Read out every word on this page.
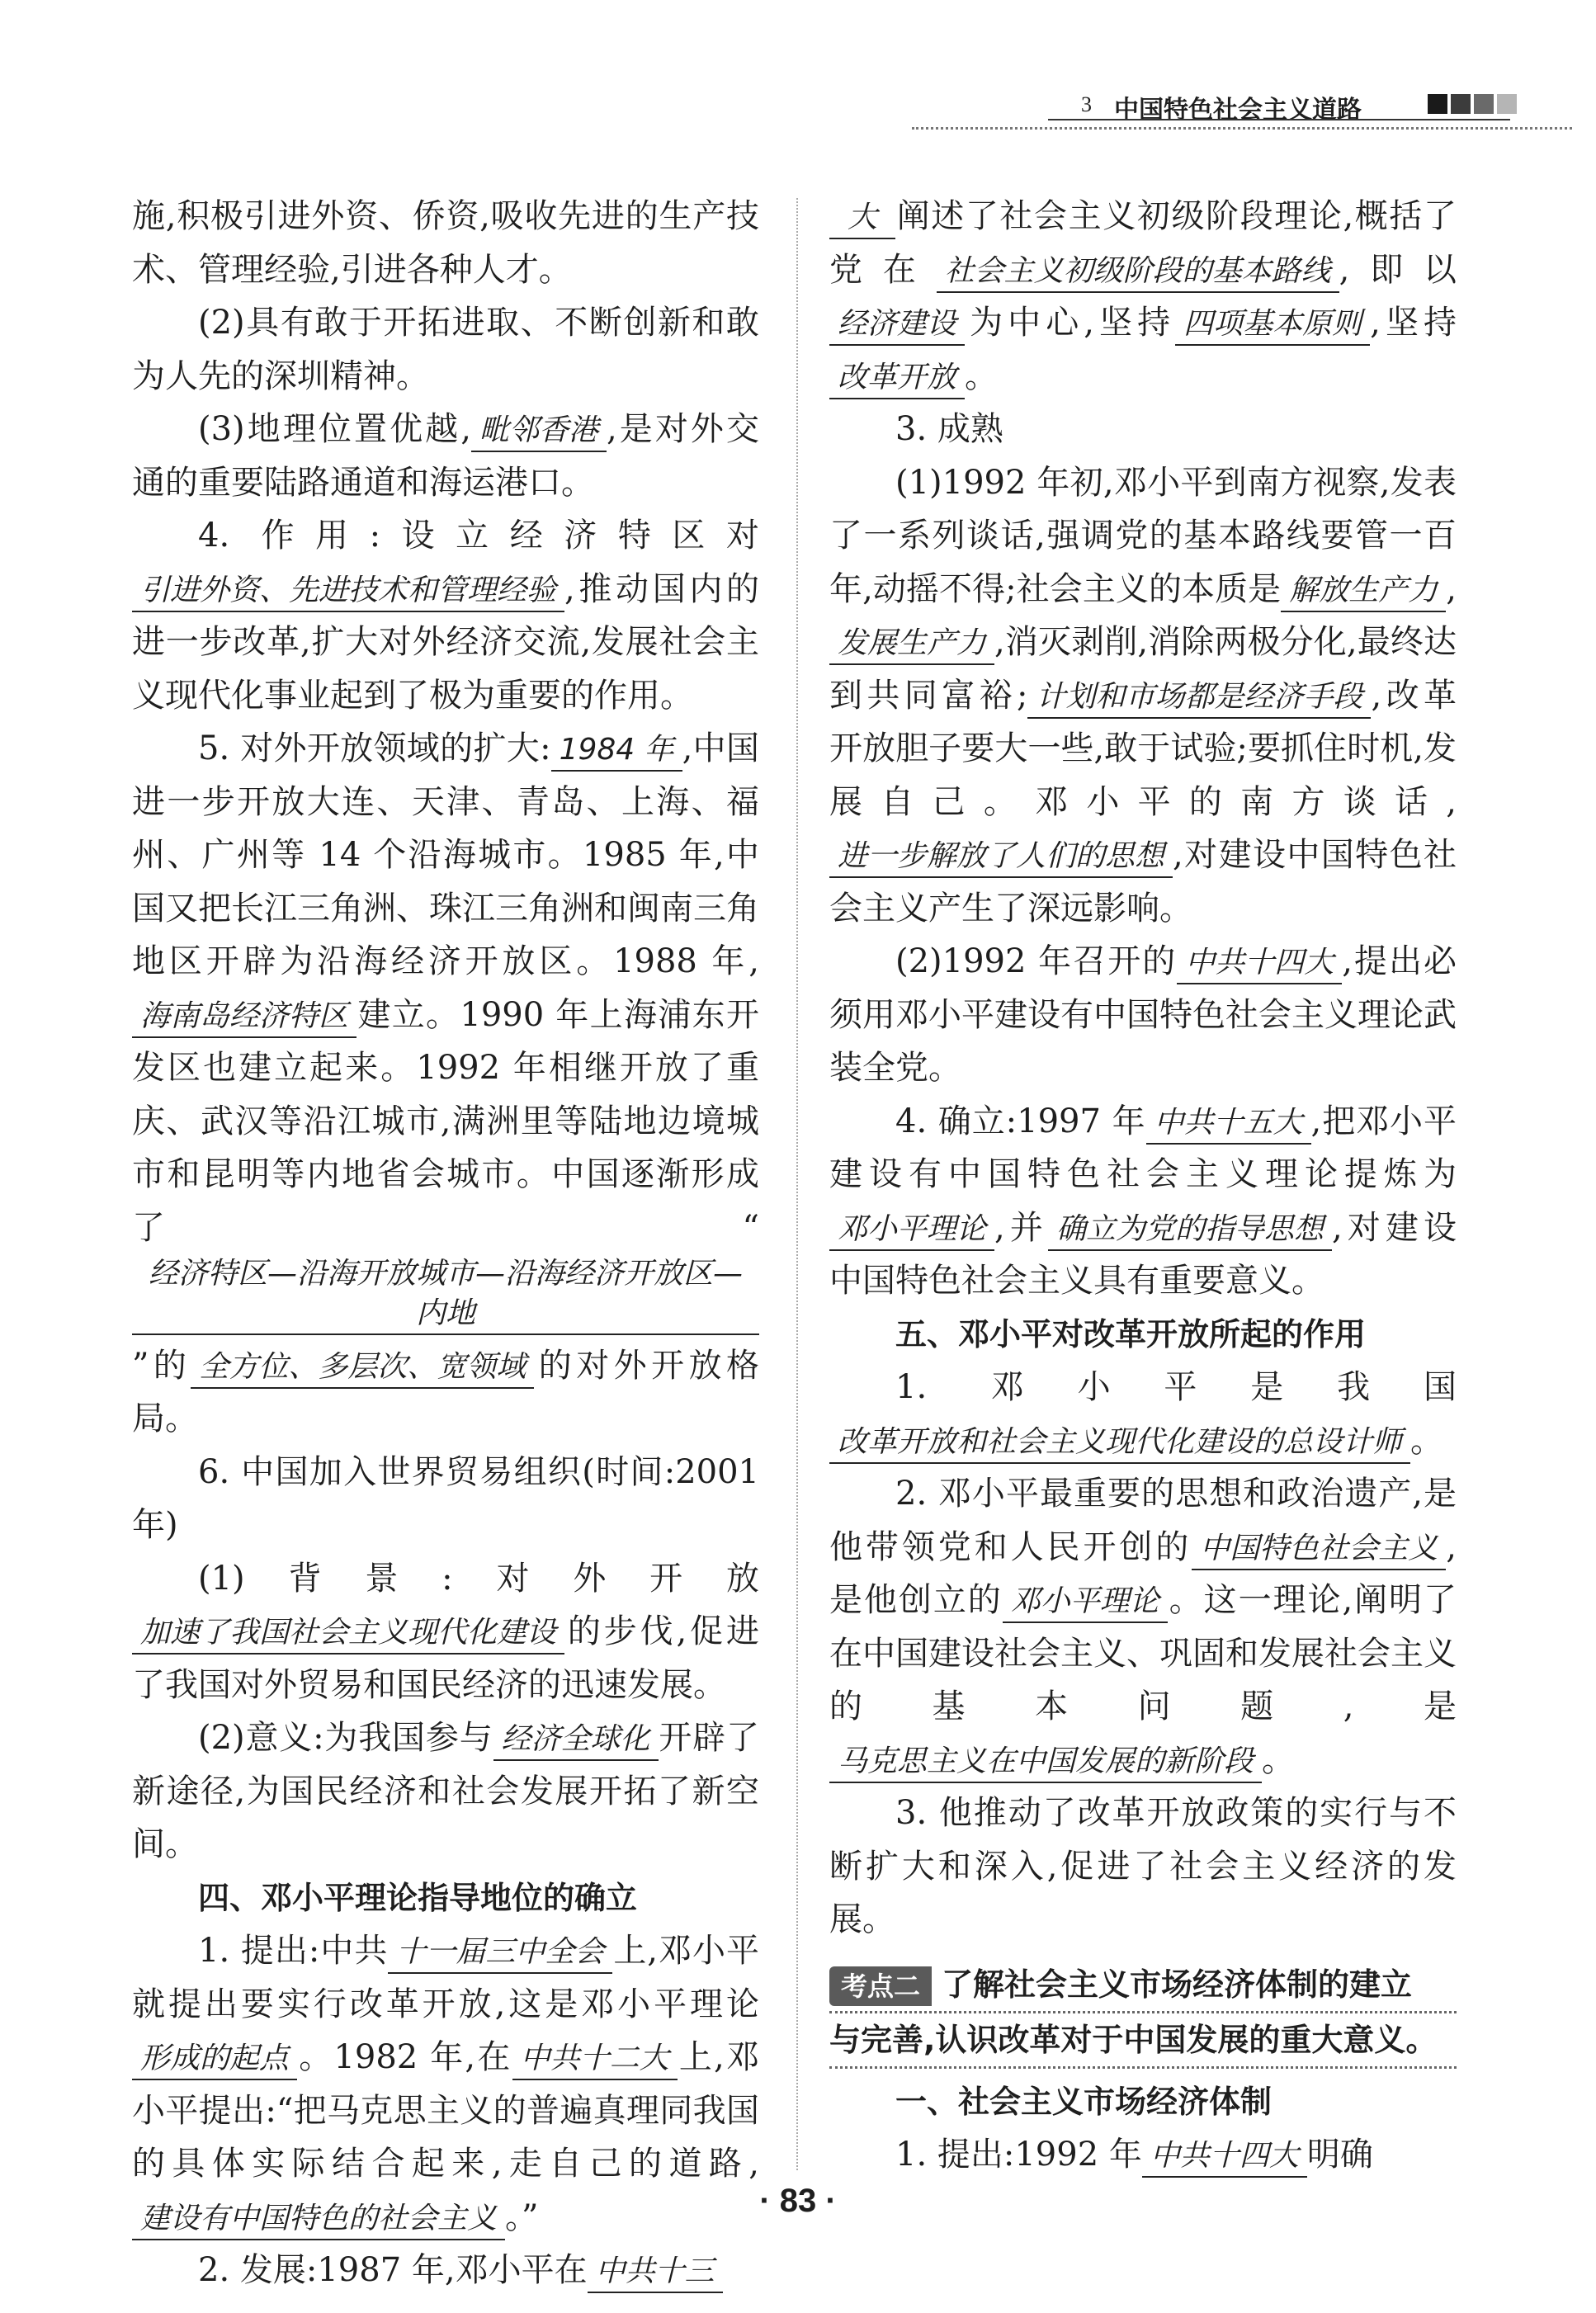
3 中国特色社会主义道路

施,积极引进外资、侨资,吸收先进的生产技术、管理经验,引进各种人才。

(2)具有敢于开拓进取、不断创新和敢为人先的深圳精神。

(3)地理位置优越, 毗邻香港 ,是对外交通的重要陆路通道和海运港口。

4. 作用:设立经济特区对引进外资、先进技术和管理经验 ,推动国内的进一步改革,扩大对外经济交流,发展社会主义现代化事业起到了极为重要的作用。

5. 对外开放领域的扩大: 1984 年 ,中国进一步开放大连、天津、青岛、上海、福州、广州等 14 个沿海城市。1985 年,中国又把长江三角洲、珠江三角洲和闽南三角地区开辟为沿海经济开放区。1988 年,海南岛经济特区 建立。1990 年上海浦东开发区也建立起来。1992 年相继开放了重庆、武汉等沿江城市,满洲里等陆地边境城市和昆明等内地省会城市。中国逐渐形成了“经济特区—沿海开放城市—沿海经济开放区—内地”的 全方位、多层次、宽领域 的对外开放格局。

6. 中国加入世界贸易组织(时间:2001 年)

(1)背景:对外开放加速了我国社会主义现代化建设 的步伐,促进了我国对外贸易和国民经济的迅速发展。

(2)意义:为我国参与 经济全球化 开辟了新途径,为国民经济和社会发展开拓了新空间。

四、邓小平理论指导地位的确立

1. 提出:中共 十一届三中全会 上,邓小平就提出要实行改革开放,这是邓小平理论形成的起点 。1982 年,在 中共十二大 上,邓小平提出:“把马克思主义的普遍真理同我国的具体实际结合起来,走自己的道路,建设有中国特色的社会主义 。”

2. 发展:1987 年,邓小平在 中共十三

大 阐述了社会主义初级阶段理论,概括了党在 社会主义初级阶段的基本路线 ,即以经济建设 为中心,坚持 四项基本原则 ,坚持改革开放 。

3. 成熟

(1)1992 年初,邓小平到南方视察,发表了一系列谈话,强调党的基本路线要管一百年,动摇不得;社会主义的本质是 解放生产力 ,发展生产力 ,消灭剥削,消除两极分化,最终达到共同富裕; 计划和市场都是经济手段 ,改革开放胆子要大一些,敢于试验;要抓住时机,发展自己。邓小平的南方谈话,进一步解放了人们的思想 ,对建设中国特色社会主义产生了深远影响。

(2)1992 年召开的 中共十四大 ,提出必须用邓小平建设有中国特色社会主义理论武装全党。

4. 确立:1997 年 中共十五大 ,把邓小平建设有中国特色社会主义理论提炼为邓小平理论 ,并 确立为党的指导思想 ,对建设中国特色社会主义具有重要意义。

五、邓小平对改革开放所起的作用

1. 邓小平是我国改革开放和社会主义现代化建设的总设计师 。

2. 邓小平最重要的思想和政治遗产,是他带领党和人民开创的 中国特色社会主义 ,是他创立的 邓小平理论 。这一理论,阐明了在中国建设社会主义、巩固和发展社会主义的基本问题,是马克思主义在中国发展的新阶段 。

3. 他推动了改革开放政策的实行与不断扩大和深入,促进了社会主义经济的发展。

考点二 了解社会主义市场经济体制的建立
与完善,认识改革对于中国发展的重大意义。

一、社会主义市场经济体制

1. 提出:1992 年 中共十四大 明确

· 83 ·
